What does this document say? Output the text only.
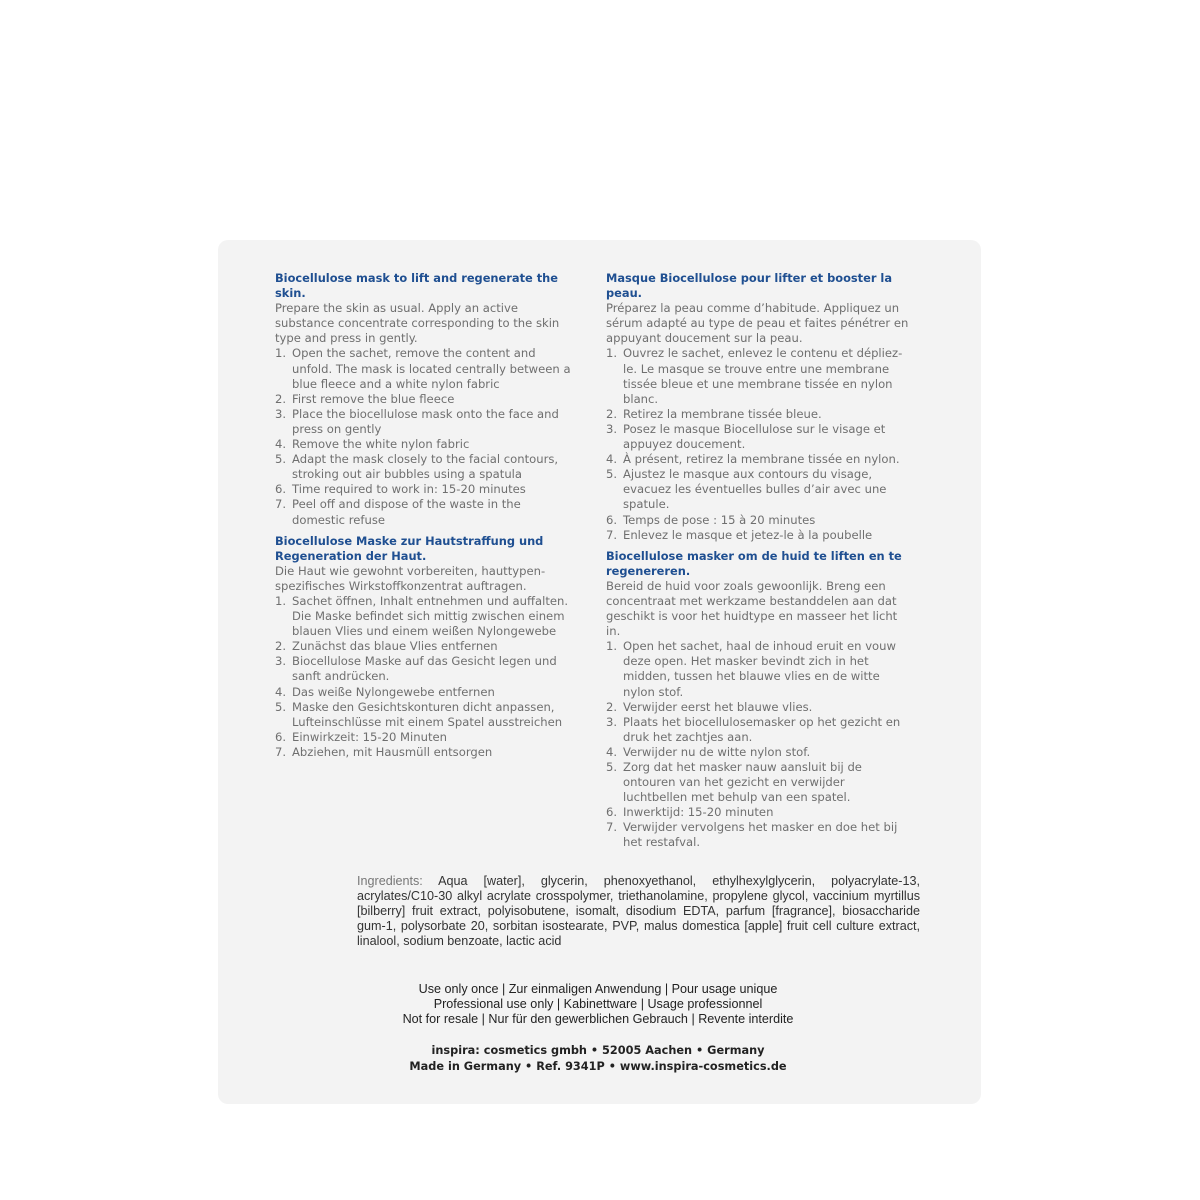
Biocellulose mask to lift and regenerate the skin.

Prepare the skin as usual. Apply an active substance concentrate corresponding to the skin type and press in gently.

1. Open the sachet, remove the content and unfold. The mask is located centrally between a blue fleece and a white nylon fabric
2. First remove the blue fleece
3. Place the biocellulose mask onto the face and press on gently
4. Remove the white nylon fabric
5. Adapt the mask closely to the facial contours, stroking out air bubbles using a spatula
6. Time required to work in: 15-20 minutes
7. Peel off and dispose of the waste in the domestic refuse

Biocellulose Maske zur Hautstraffung und Regeneration der Haut.

Die Haut wie gewohnt vorbereiten, hauttypen-spezifisches Wirkstoffkonzentrat auftragen.

1. Sachet öffnen, Inhalt entnehmen und auffalten. Die Maske befindet sich mittig zwischen einem blauen Vlies und einem weißen Nylongewebe
2. Zunächst das blaue Vlies entfernen
3. Biocellulose Maske auf das Gesicht legen und sanft andrücken.
4. Das weiße Nylongewebe entfernen
5. Maske den Gesichtskonturen dicht anpassen, Lufteinschlüsse mit einem Spatel ausstreichen
6. Einwirkzeit: 15-20 Minuten
7. Abziehen, mit Hausmüll entsorgen

Masque Biocellulose pour lifter et booster la peau.

Préparez la peau comme d’habitude. Appliquez un sérum adapté au type de peau et faites pénétrer en appuyant doucement sur la peau.

1. Ouvrez le sachet, enlevez le contenu et dépliez-le. Le masque se trouve entre une membrane tissée bleue et une membrane tissée en nylon blanc.
2. Retirez la membrane tissée bleue.
3. Posez le masque Biocellulose sur le visage et appuyez doucement.
4. À présent, retirez la membrane tissée en nylon.
5. Ajustez le masque aux contours du visage, evacuez les éventuelles bulles d’air avec une spatule.
6. Temps de pose : 15 à 20 minutes
7. Enlevez le masque et jetez-le à la poubelle

Biocellulose masker om de huid te liften en te regenereren.

Bereid de huid voor zoals gewoonlijk. Breng een concentraat met werkzame bestanddelen aan dat geschikt is voor het huidtype en masseer het licht in.

1. Open het sachet, haal de inhoud eruit en vouw deze open. Het masker bevindt zich in het midden, tussen het blauwe vlies en de witte nylon stof.
2. Verwijder eerst het blauwe vlies.
3. Plaats het biocellulosemasker op het gezicht en druk het zachtjes aan.
4. Verwijder nu de witte nylon stof.
5. Zorg dat het masker nauw aansluit bij de ontouren van het gezicht en verwijder luchtbellen met behulp van een spatel.
6. Inwerktijd: 15-20 minuten
7. Verwijder vervolgens het masker en doe het bij het restafval.
Ingredients: Aqua [water], glycerin, phenoxyethanol, ethylhexylglycerin, polyacrylate-13, acrylates/C10-30 alkyl acrylate crosspolymer, triethanolamine, propylene glycol, vaccinium myrtillus [bilberry] fruit extract, polyisobutene, isomalt, disodium EDTA, parfum [fragrance], biosaccharide gum-1, polysorbate 20, sorbitan isostearate, PVP, malus domestica [apple] fruit cell culture extract, linalool, sodium benzoate, lactic acid
Use only once | Zur einmaligen Anwendung | Pour usage unique
Professional use only | Kabinettware | Usage professionnel
Not for resale | Nur für den gewerblichen Gebrauch | Revente interdite
inspira: cosmetics gmbh • 52005 Aachen • Germany
Made in Germany • Ref. 9341P • www.inspira-cosmetics.de
